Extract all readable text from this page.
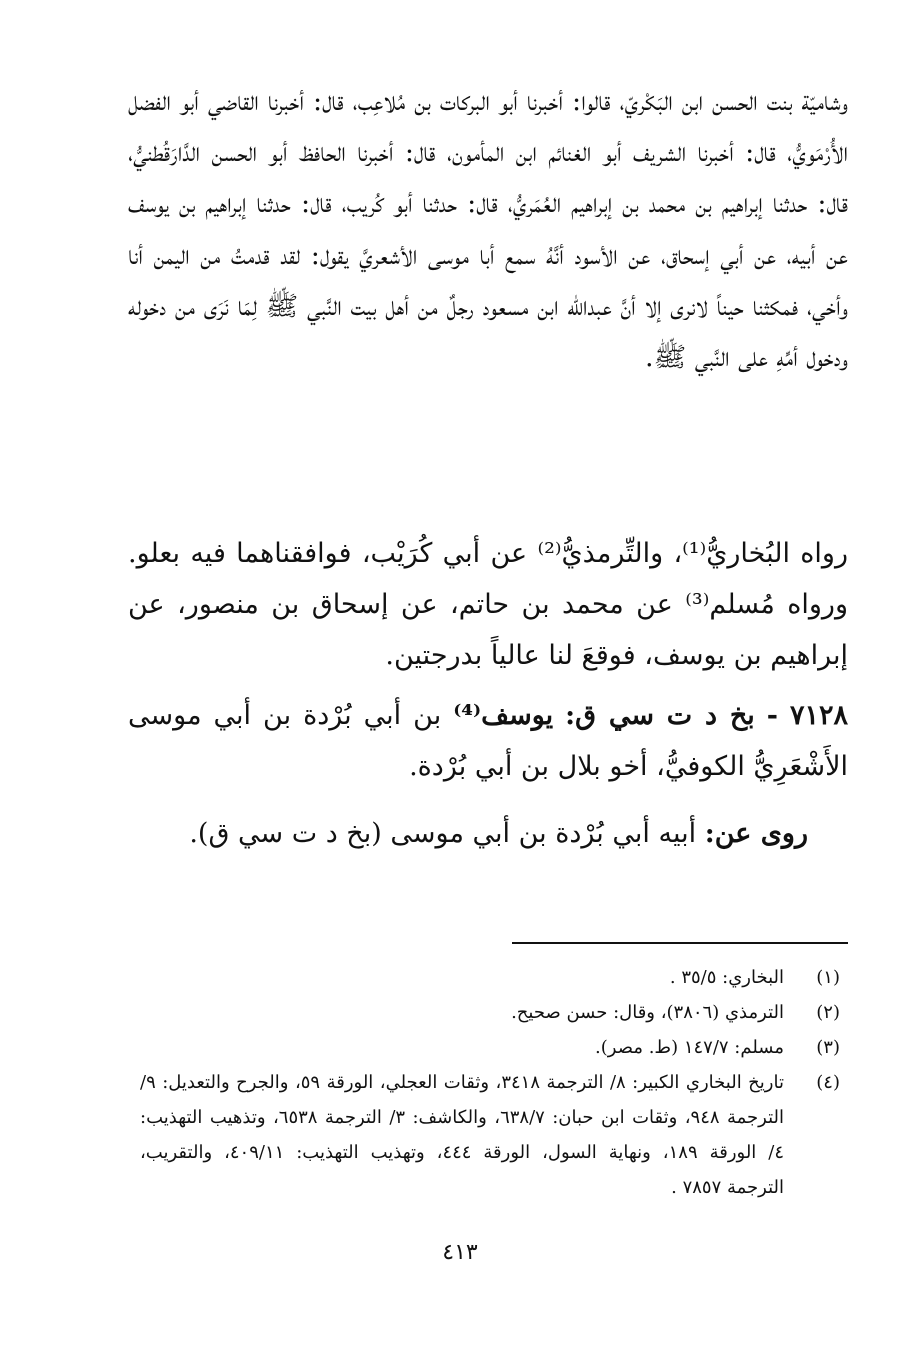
وشاميّة بنت الحسن ابن البَكْريّ، قالوا: أخبرنا أبو البركات بن مُلاعِب، قال: أخبرنا القاضي أبو الفضل الأُرْمَويُّ، قال: أخبرنا الشريف أبو الغنائم ابن المأمون، قال: أخبرنا الحافظ أبو الحسن الدَّارَقُطنيُّ، قال: حدثنا إبراهيم بن محمد بن إبراهيم العُمَريُّ، قال: حدثنا أبو كُريب، قال: حدثنا إبراهيم بن يوسف عن أبيه، عن أبي إسحاق، عن الأسود أنَّهُ سمع أبا موسى الأشعريَّ يقول: لقد قدمتُ من اليمن أنا وأخي، فمكثنا حيناً لانرى إلا أنَّ عبدالله ابن مسعود رجلٌ من أهل بيت النَّبي ﷺ لِمَا نَرَى من دخوله ودخول أمِّهِ على النَّبي ﷺ.
رواه البُخاريُّ⁽¹⁾، والتِّرمذيُّ⁽²⁾ عن أبي كُرَيْب، فوافقناهما فيه بعلو. ورواه مُسلم⁽³⁾ عن محمد بن حاتم، عن إسحاق بن منصور، عن إبراهيم بن يوسف، فوقعَ لنا عالياً بدرجتين.
٧١٢٨ - بخ د ت سي ق: يوسف⁽⁴⁾ بن أبي بُرْدة بن أبي موسى الأَشْعَرِيُّ الكوفيُّ، أخو بلال بن أبي بُرْدة.
روى عن: أبيه أبي بُرْدة بن أبي موسى (بخ د ت سي ق).
(١)
البخاري: ٣٥/٥ .
(٢)
الترمذي (٣٨٠٦)، وقال: حسن صحيح.
(٣)
مسلم: ١٤٧/٧ (ط. مصر).
(٤)
تاريخ البخاري الكبير: ٨/ الترجمة ٣٤١٨، وثقات العجلي، الورقة ٥٩، والجرح والتعديل: ٩/ الترجمة ٩٤٨، وثقات ابن حبان: ٦٣٨/٧، والكاشف: ٣/ الترجمة ٦٥٣٨، وتذهيب التهذيب: ٤/ الورقة ١٨٩، ونهاية السول، الورقة ٤٤٤، وتهذيب التهذيب: ٤٠٩/١١، والتقريب، الترجمة ٧٨٥٧ .
٤١٣
